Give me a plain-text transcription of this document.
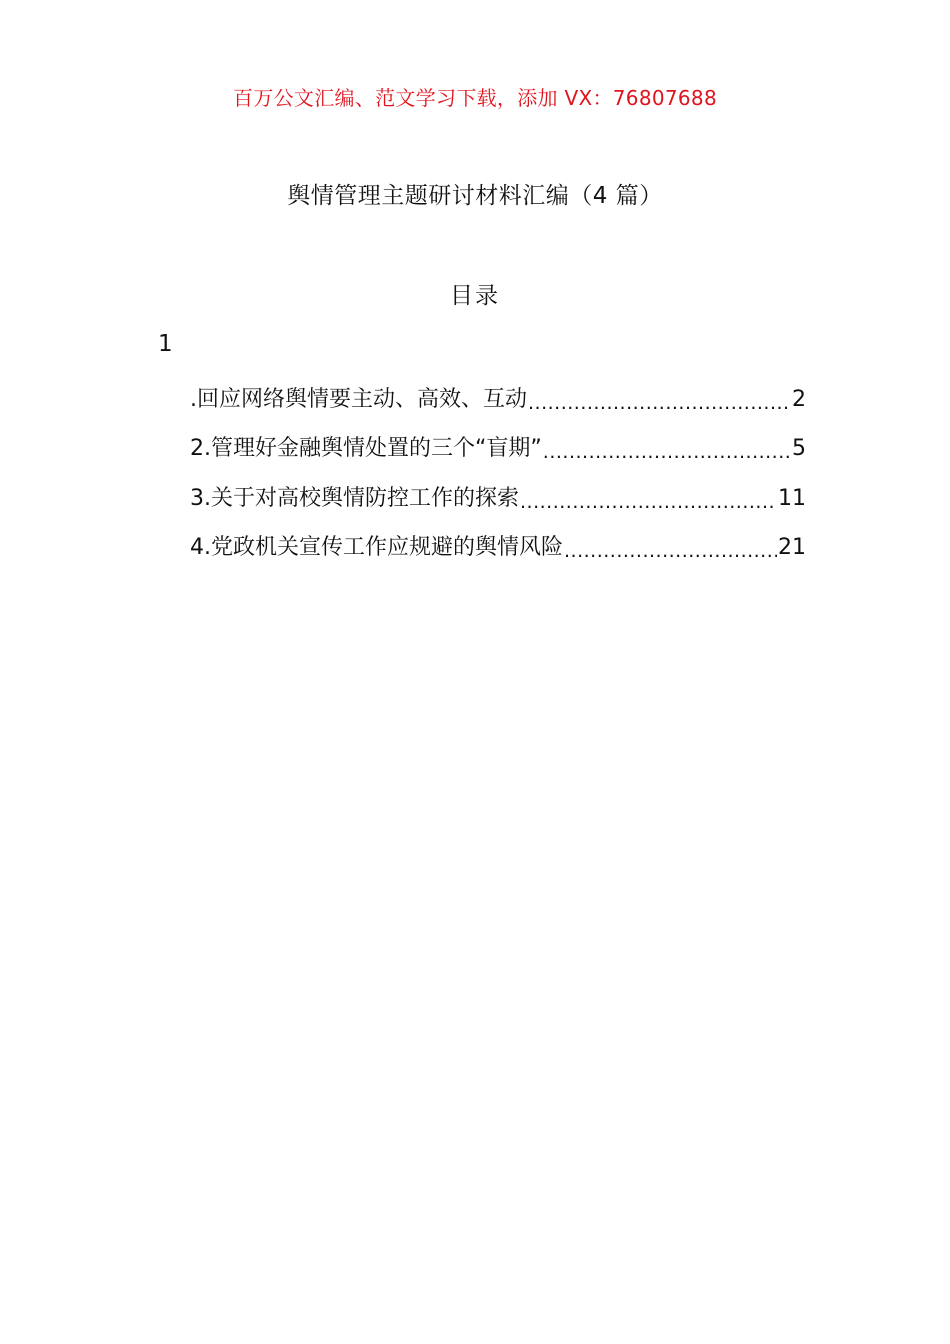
百万公文汇编、范文学习下载，添加 VX：76807688
舆情管理主题研讨材料汇编（4 篇）
目录
1
.回应网络舆情要主动、高效、互动 .....	2
2.管理好金融舆情处置的三个“盲期” .....	5
3.关于对高校舆情防控工作的探索 .....	11
4.党政机关宣传工作应规避的舆情风险 .....	21
